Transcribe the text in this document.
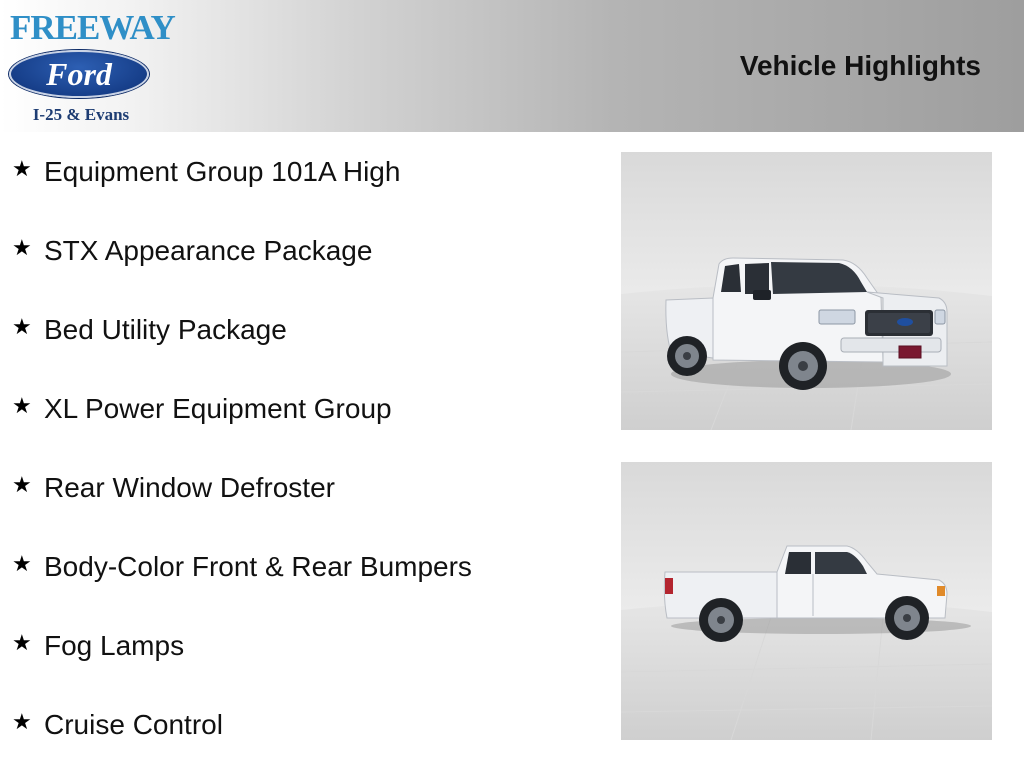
FREEWAY
Ford
I-25 & Evans
Vehicle Highlights
★ Equipment Group 101A High
★ STX Appearance Package
★ Bed Utility Package
★ XL Power Equipment Group
★ Rear Window Defroster
★ Body-Color Front & Rear Bumpers
★ Fog Lamps
★ Cruise Control
